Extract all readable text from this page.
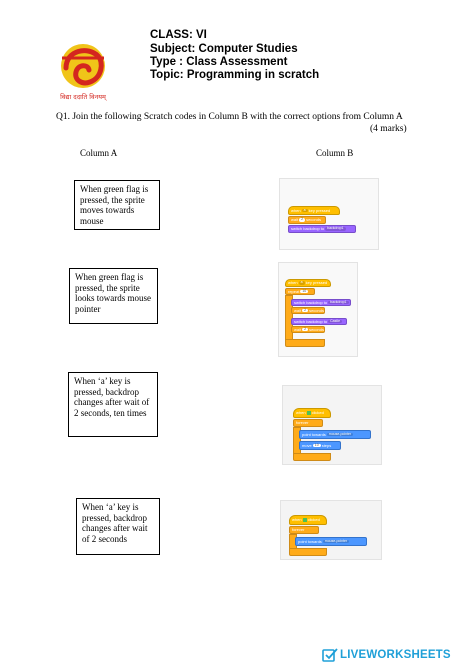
विद्या ददाति विनयम्
CLASS: VI
Subject: Computer Studies
Type : Class Assessment
Topic: Programming in scratch
Q1. Join the following Scratch codes in Column B with the correct options from Column A
(4 marks)
Column A	Column B
When green flag is pressed, the sprite moves towards mouse
When green flag is pressed, the sprite looks towards mouse pointer
When ‘a’ key is pressed, backdrop changes after wait of 2 seconds, ten times
When ‘a’ key is pressed, backdrop changes after wait of 2 seconds
when a
key pressed
wait 2 seconds
switch backdrop to backdrop1
when a
key pressed
repeat 10
switch backdrop to backdrop1
wait 2 seconds
switch backdrop to Castle
wait 2 seconds
when clicked
forever
point towards mouse-pointer
move 10 steps
when clicked
forever
point towards mouse-pointer
LIVEWORKSHEETS
